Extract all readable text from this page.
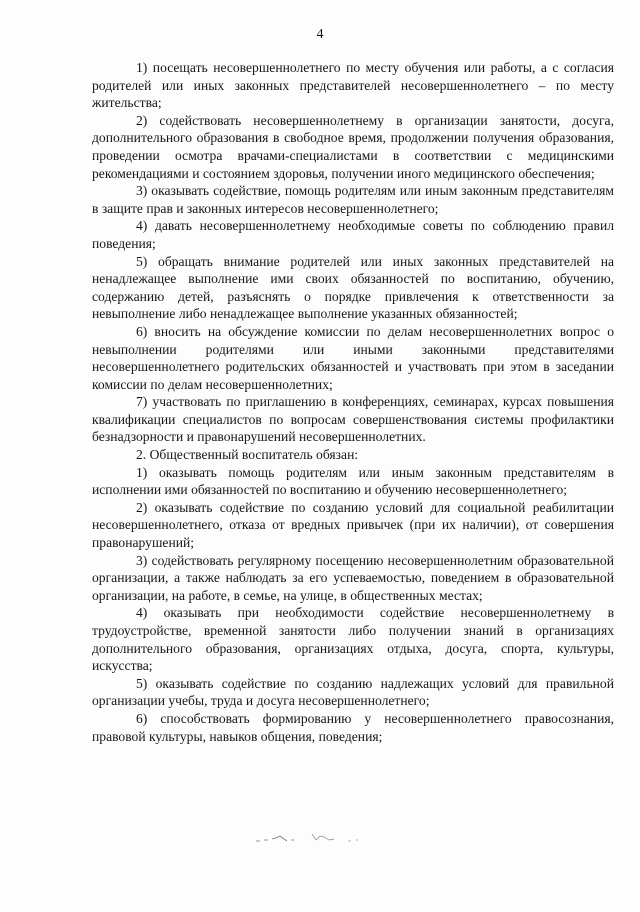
4

1) посещать несовершеннолетнего по месту обучения или работы, а с согласия родителей или иных законных представителей несовершеннолетнего – по месту жительства;

2) содействовать несовершеннолетнему в организации занятости, досуга, дополнительного образования в свободное время, продолжении получения образования, проведении осмотра врачами-специалистами в соответствии с медицинскими рекомендациями и состоянием здоровья, получении иного медицинского обеспечения;

3) оказывать содействие, помощь родителям или иным законным представителям в защите прав и законных интересов несовершеннолетнего;

4) давать несовершеннолетнему необходимые советы по соблюдению правил поведения;

5) обращать внимание родителей или иных законных представителей на ненадлежащее выполнение ими своих обязанностей по воспитанию, обучению, содержанию детей, разъяснять о порядке привлечения к ответственности за невыполнение либо ненадлежащее выполнение указанных обязанностей;

6) вносить на обсуждение комиссии по делам несовершеннолетних вопрос о невыполнении родителями или иными законными представителями несовершеннолетнего родительских обязанностей и участвовать при этом в заседании комиссии по делам несовершеннолетних;

7) участвовать по приглашению в конференциях, семинарах, курсах повышения квалификации специалистов по вопросам совершенствования системы профилактики безнадзорности и правонарушений несовершеннолетних.

2. Общественный воспитатель обязан:

1) оказывать помощь родителям или иным законным представителям в исполнении ими обязанностей по воспитанию и обучению несовершеннолетнего;

2) оказывать содействие по созданию условий для социальной реабилитации несовершеннолетнего, отказа от вредных привычек (при их наличии), от совершения правонарушений;

3) содействовать регулярному посещению несовершеннолетним образовательной организации, а также наблюдать за его успеваемостью, поведением в образовательной организации, на работе, в семье, на улице, в общественных местах;

4) оказывать при необходимости содействие несовершеннолетнему в трудоустройстве, временной занятости либо получении знаний в организациях дополнительного образования, организациях отдыха, досуга, спорта, культуры, искусства;

5) оказывать содействие по созданию надлежащих условий для правильной организации учебы, труда и досуга несовершеннолетнего;

6) способствовать формированию у несовершеннолетнего правосознания, правовой культуры, навыков общения, поведения;
